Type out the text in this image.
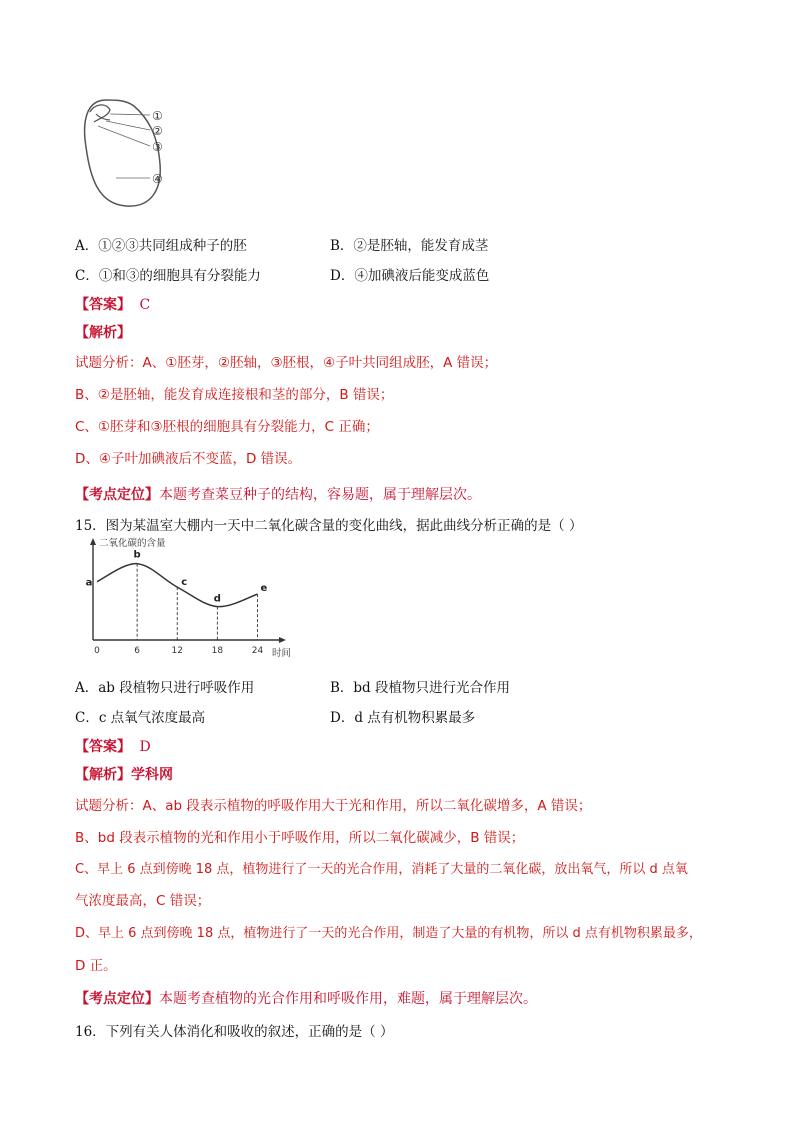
①
②
③
④
A．①②③共同组成种子的胚	B．②是胚轴，能发育成茎
C．①和③的细胞具有分裂能力	D．④加碘液后能变成蓝色
【答案】 C
【解析】
试题分析：A、①胚芽，②胚轴，③胚根，④子叶共同组成胚，A 错误；
B、②是胚轴，能发育成连接根和茎的部分，B 错误；
C、①胚芽和③胚根的细胞具有分裂能力，C 正确；
D、④子叶加碘液后不变蓝，D 错误。
【考点定位】本题考查菜豆种子的结构，容易题，属于理解层次。
15．图为某温室大棚内一天中二氧化碳含量的变化曲线，据此曲线分析正确的是（ ）
二氧化碳的含量
时间
0
a
6
b
12
c
18
d
24
e
A．ab 段植物只进行呼吸作用	B．bd 段植物只进行光合作用
C．c 点氧气浓度最高	D．d 点有机物积累最多
【答案】 D
【解析】学科网
试题分析：A、ab 段表示植物的呼吸作用大于光和作用，所以二氧化碳增多，A 错误；
B、bd 段表示植物的光和作用小于呼吸作用，所以二氧化碳减少，B 错误；
C、早上 6 点到傍晚 18 点，植物进行了一天的光合作用，消耗了大量的二氧化碳，放出氧气，所以 d 点氧
气浓度最高，C 错误；
D、早上 6 点到傍晚 18 点，植物进行了一天的光合作用，制造了大量的有机物，所以 d 点有机物积累最多，
D 正。
【考点定位】本题考查植物的光合作用和呼吸作用，难题，属于理解层次。
16．下列有关人体消化和吸收的叙述，正确的是（ ）
